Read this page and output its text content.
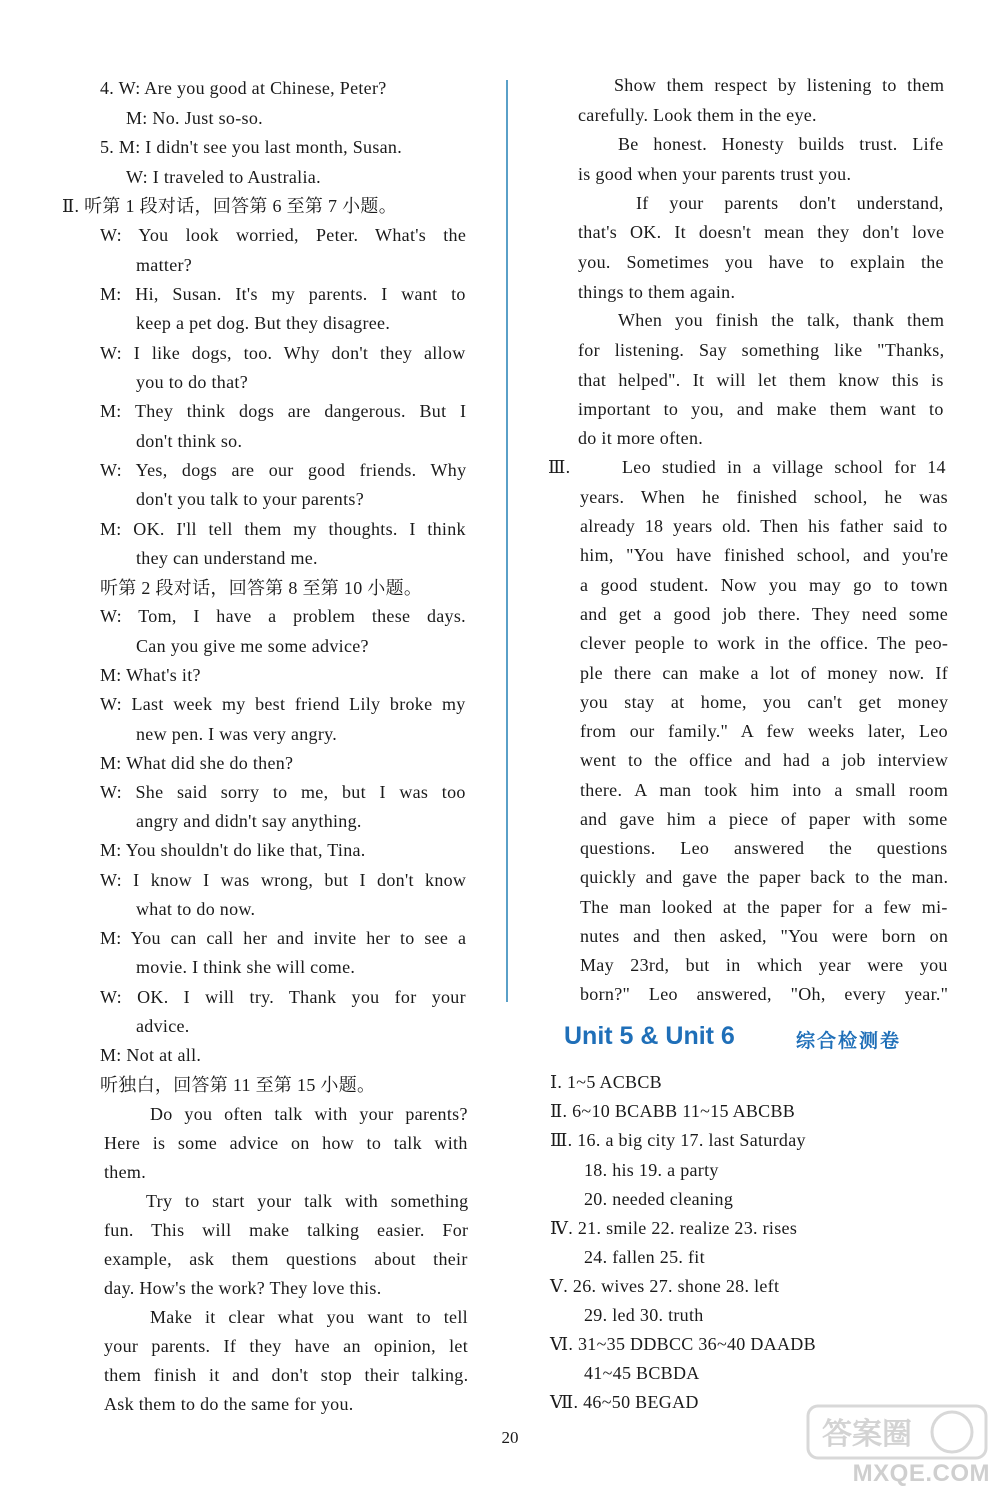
4. W: Are you good at Chinese, Peter?
M: No. Just so-so.
5. M: I didn't see you last month, Susan.
W: I traveled to Australia.
Ⅱ. 听第 1 段对话，回答第 6 至第 7 小题。
W: You look worried, Peter. What's the
matter?
M: Hi, Susan. It's my parents. I want to
keep a pet dog. But they disagree.
W: I like dogs, too. Why don't they allow
you to do that?
M: They think dogs are dangerous. But I
don't think so.
W: Yes, dogs are our good friends. Why
don't you talk to your parents?
M: OK. I'll tell them my thoughts. I think
they can understand me.
听第 2 段对话，回答第 8 至第 10 小题。
W: Tom, I have a problem these days.
Can you give me some advice?
M: What's it?
W: Last week my best friend Lily broke my
new pen. I was very angry.
M: What did she do then?
W: She said sorry to me, but I was too
angry and didn't say anything.
M: You shouldn't do like that, Tina.
W: I know I was wrong, but I don't know
what to do now.
M: You can call her and invite her to see a
movie. I think she will come.
W: OK. I will try. Thank you for your
advice.
M: Not at all.
听独白，回答第 11 至第 15 小题。
Do you often talk with your parents?
Here is some advice on how to talk with
them.
Try to start your talk with something
fun. This will make talking easier. For
example, ask them questions about their
day. How's the work? They love this.
Make it clear what you want to tell
your parents. If they have an opinion, let
them finish it and don't stop their talking.
Ask them to do the same for you.
Show them respect by listening to them
carefully. Look them in the eye.
Be honest. Honesty builds trust. Life
is good when your parents trust you.
If your parents don't understand,
that's OK. It doesn't mean they don't love
you. Sometimes you have to explain the
things to them again.
When you finish the talk, thank them
for listening. Say something like "Thanks,
that helped". It will let them know this is
important to you, and make them want to
do it more often.
Ⅲ.	Leo studied in a village school for 14
years. When he finished school, he was
already 18 years old. Then his father said to
him, "You have finished school, and you're
a good student. Now you may go to town
and get a good job there. They need some
clever people to work in the office. The peo-
ple there can make a lot of money now. If
you stay at home, you can't get money
from our family." A few weeks later, Leo
went to the office and had a job interview
there. A man took him into a small room
and gave him a piece of paper with some
questions. Leo answered the questions
quickly and gave the paper back to the man.
The man looked at the paper for a few mi-
nutes and then asked, "You were born on
May 23rd, but in which year were you
born?" Leo answered, "Oh, every year."
Unit 5 & Unit 6	综合检测卷
Ⅰ. 1~5 ACBCB
Ⅱ. 6~10 BCABB 11~15 ABCBB
Ⅲ. 16. a big city 17. last Saturday
18. his 19. a party
20. needed cleaning
Ⅳ. 21. smile 22. realize 23. rises
24. fallen 25. fit
Ⅴ. 26. wives 27. shone 28. left
29. led 30. truth
Ⅵ. 31~35 DDBCC 36~40 DAADB
41~45 BCBDA
Ⅶ. 46~50 BEGAD
20	答案圈
MXQE.COM
